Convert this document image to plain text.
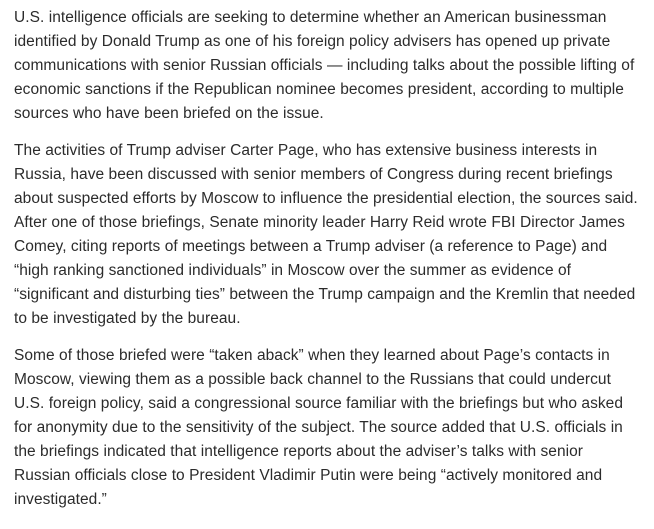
U.S. intelligence officials are seeking to determine whether an American businessman identified by Donald Trump as one of his foreign policy advisers has opened up private communications with senior Russian officials — including talks about the possible lifting of economic sanctions if the Republican nominee becomes president, according to multiple sources who have been briefed on the issue.

The activities of Trump adviser Carter Page, who has extensive business interests in Russia, have been discussed with senior members of Congress during recent briefings about suspected efforts by Moscow to influence the presidential election, the sources said. After one of those briefings, Senate minority leader Harry Reid wrote FBI Director James Comey, citing reports of meetings between a Trump adviser (a reference to Page) and “high ranking sanctioned individuals” in Moscow over the summer as evidence of “significant and disturbing ties” between the Trump campaign and the Kremlin that needed to be investigated by the bureau.

Some of those briefed were “taken aback” when they learned about Page’s contacts in Moscow, viewing them as a possible back channel to the Russians that could undercut U.S. foreign policy, said a congressional source familiar with the briefings but who asked for anonymity due to the sensitivity of the subject. The source added that U.S. officials in the briefings indicated that intelligence reports about the adviser’s talks with senior Russian officials close to President Vladimir Putin were being “actively monitored and investigated.”
